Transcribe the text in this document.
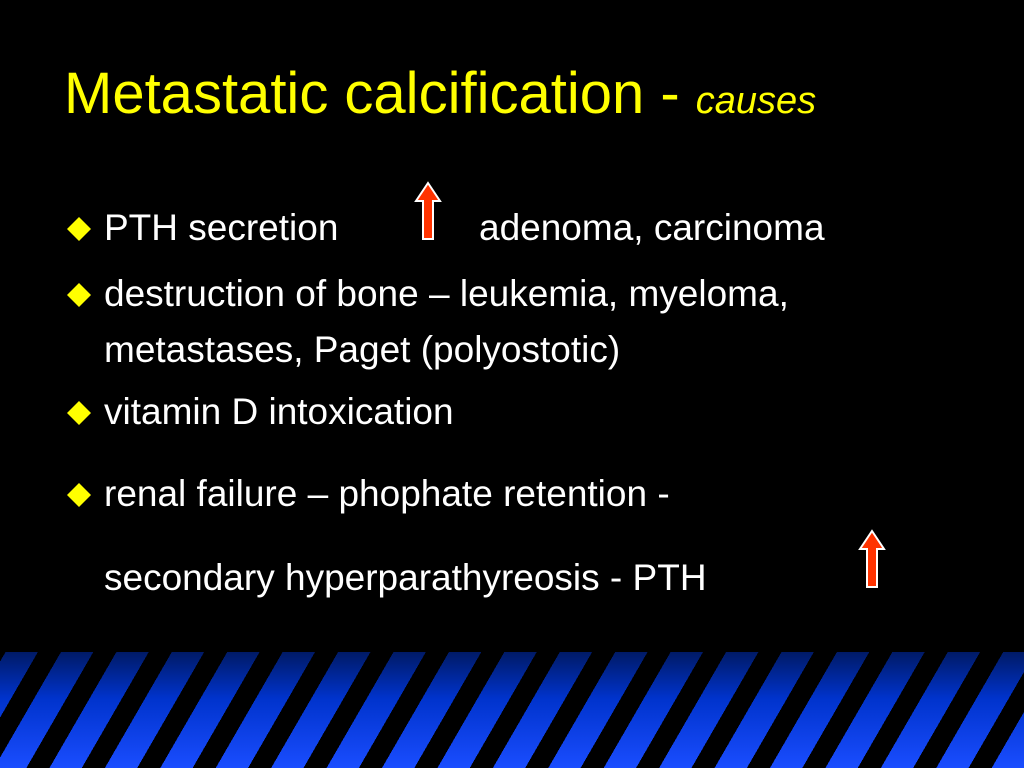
Metastatic calcification - causes
PTH secretion	adenoma, carcinoma
destruction of bone – leukemia, myeloma,
metastases, Paget (polyostotic)
vitamin D intoxication
renal failure – phophate retention -
secondary hyperparathyreosis - PTH
